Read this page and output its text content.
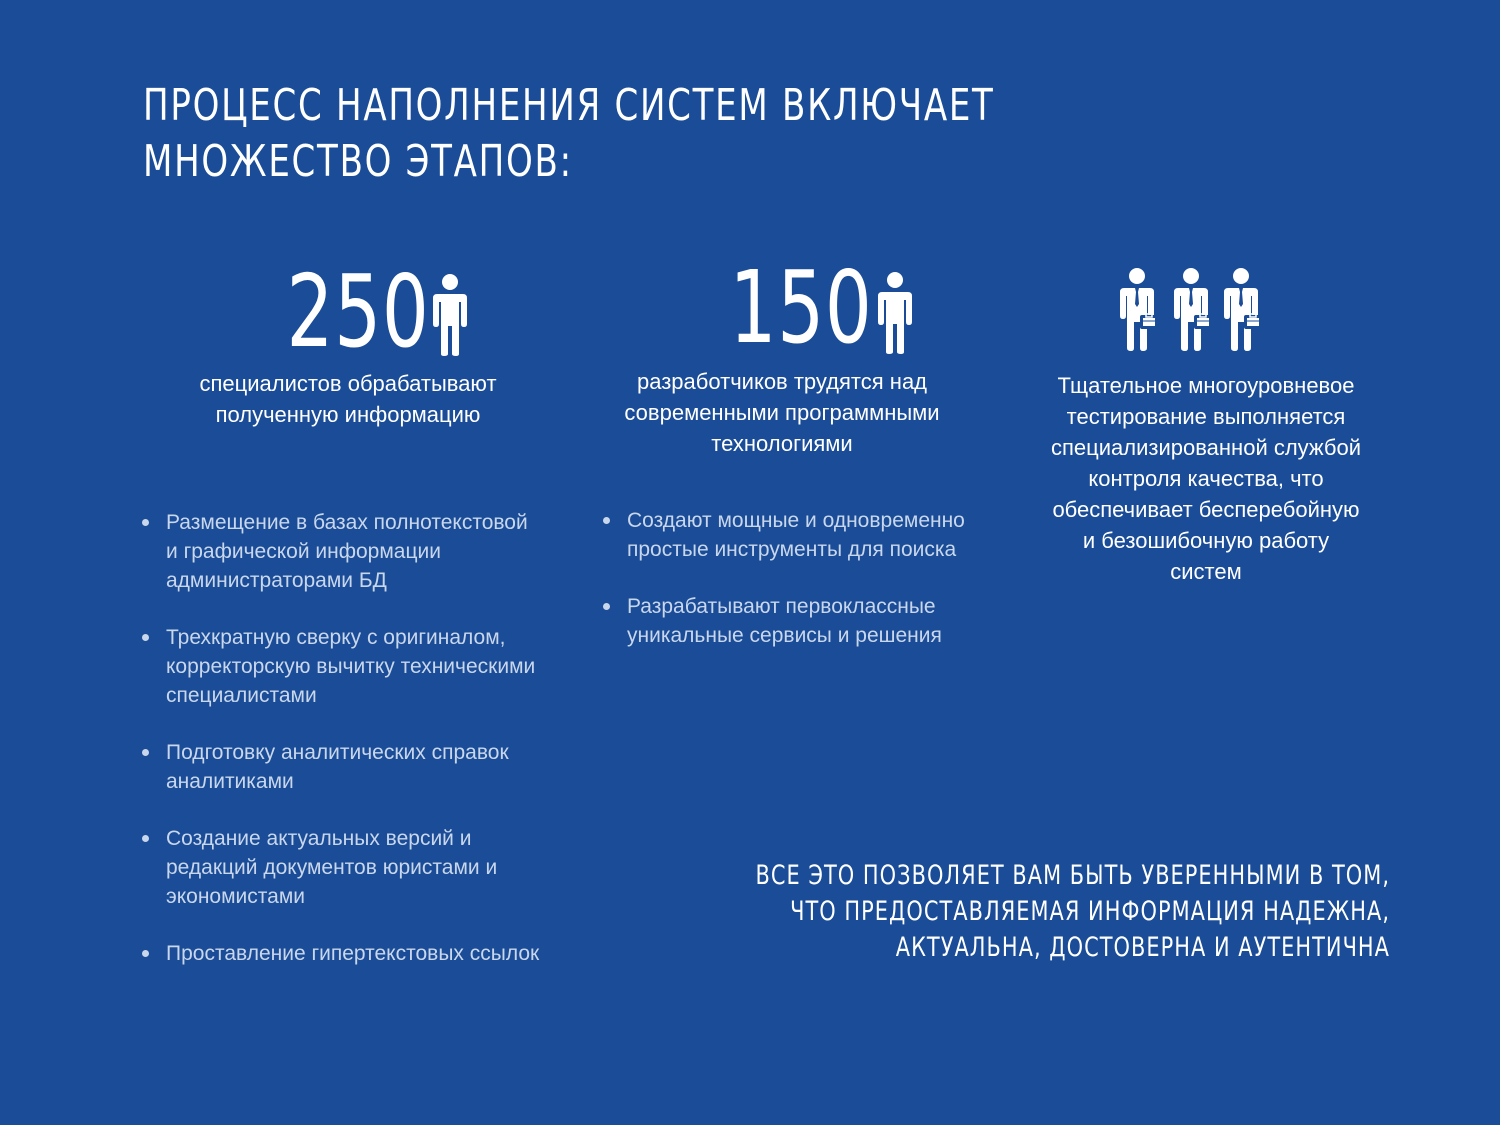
ПРОЦЕСС НАПОЛНЕНИЯ СИСТЕМ ВКЛЮЧАЕТ
МНОЖЕСТВО ЭТАПОВ:
250
специалистов обрабатывают
полученную информацию
150
разработчиков трудятся над
современными программными
технологиями
Тщательное многоуровневое
тестирование выполняется
специализированной службой
контроля качества, что
обеспечивает бесперебойную
и безошибочную работу
систем
Размещение в базах полнотекстовой
и графической информации
администраторами БД
Трехкратную сверку с оригиналом,
корректорскую вычитку техническими
специалистами
Подготовку аналитических справок
аналитиками
Создание актуальных версий и
редакций документов юристами и
экономистами
Проставление гипертекстовых ссылок
Создают мощные и одновременно
простые инструменты для поиска
Разрабатывают первоклассные
уникальные сервисы и решения
ВСЕ ЭТО ПОЗВОЛЯЕТ ВАМ БЫТЬ УВЕРЕННЫМИ В ТОМ,
ЧТО ПРЕДОСТАВЛЯЕМАЯ ИНФОРМАЦИЯ НАДЕЖНА,
АКТУАЛЬНА, ДОСТОВЕРНА И АУТЕНТИЧНА
